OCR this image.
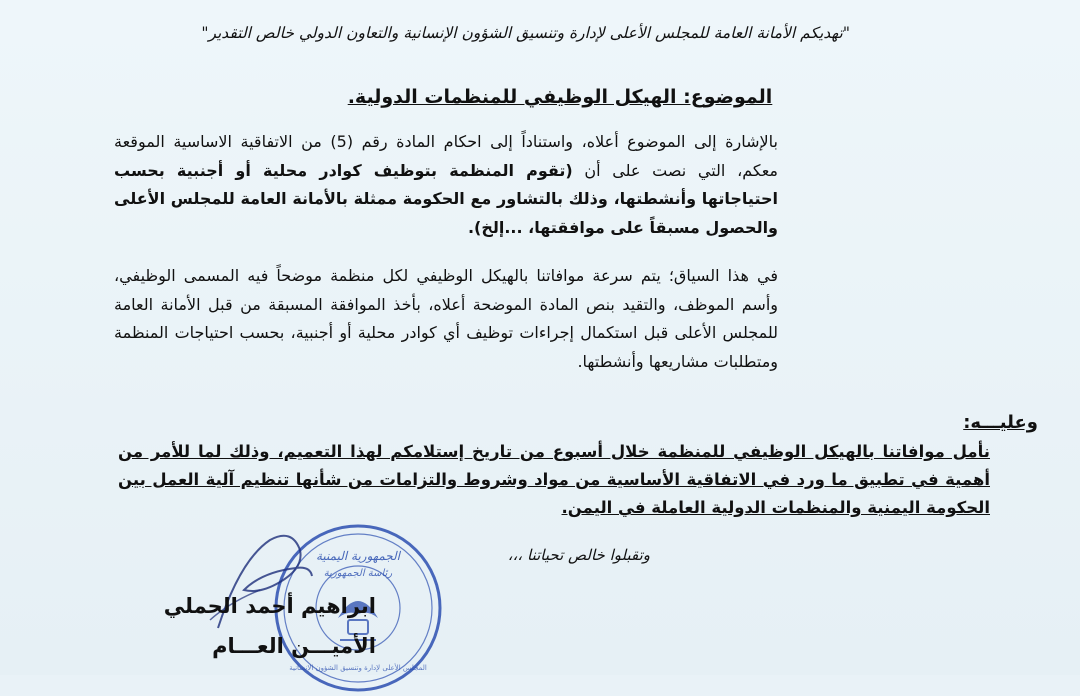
"تهديكم الأمانة العامة للمجلس الأعلى لإدارة وتنسيق الشؤون الإنسانية والتعاون الدولي خالص التقدير"
الموضوع: الهيكل الوظيفي للمنظمات الدولية.
بالإشارة إلى الموضوع أعلاه، واستناداً إلى احكام المادة رقم (5) من الاتفاقية الاساسية الموقعة معكم، التي نصت على أن (تقوم المنظمة بتوظيف كوادر محلية أو أجنبية بحسب احتياجاتها وأنشطتها، وذلك بالتشاور مع الحكومة ممثلة بالأمانة العامة للمجلس الأعلى والحصول مسبقاً على موافقتها، ...إلخ).
في هذا السياق؛ يتم سرعة موافاتنا بالهيكل الوظيفي لكل منظمة موضحاً فيه المسمى الوظيفي، وأسم الموظف، والتقيد بنص المادة الموضحة أعلاه، بأخذ الموافقة المسبقة من قبل الأمانة العامة للمجلس الأعلى قبل استكمال إجراءات توظيف أي كوادر محلية أو أجنبية، بحسب احتياجات المنظمة ومتطلبات مشاريعها وأنشطتها.
وعليـــه:
نأمل موافاتنا بالهيكل الوظيفي للمنظمة خلال أسبوع من تاريخ إستلامكم لهذا التعميم، وذلك لما للأمر من أهمية في تطبيق ما ورد في الاتفاقية الأساسية من مواد وشروط والتزامات من شأنها تنظيم آلية العمل بين الحكومة اليمنية والمنظمات الدولية العاملة في اليمن.
وتقبلوا خالص تحياتنا ،،،
الجمهورية اليمنية
رئاسة الجمهورية
المجلس الأعلى لإدارة وتنسيق الشؤون الإنسانية
ابراهيم أحمد الحملي
الأميـــن العـــام
